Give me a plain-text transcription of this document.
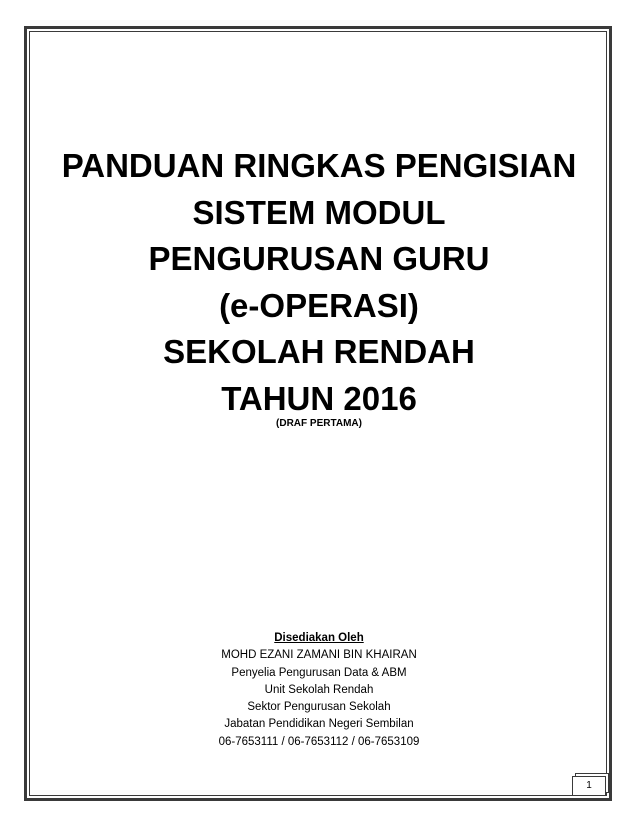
PANDUAN RINGKAS PENGISIAN
SISTEM MODUL
PENGURUSAN GURU
(e-OPERASI)
SEKOLAH RENDAH
TAHUN 2016
(DRAF PERTAMA)
Disediakan Oleh
MOHD EZANI ZAMANI BIN KHAIRAN
Penyelia Pengurusan Data & ABM
Unit Sekolah Rendah
Sektor Pengurusan Sekolah
Jabatan Pendidikan Negeri Sembilan
06-7653111 / 06-7653112 / 06-7653109
1
